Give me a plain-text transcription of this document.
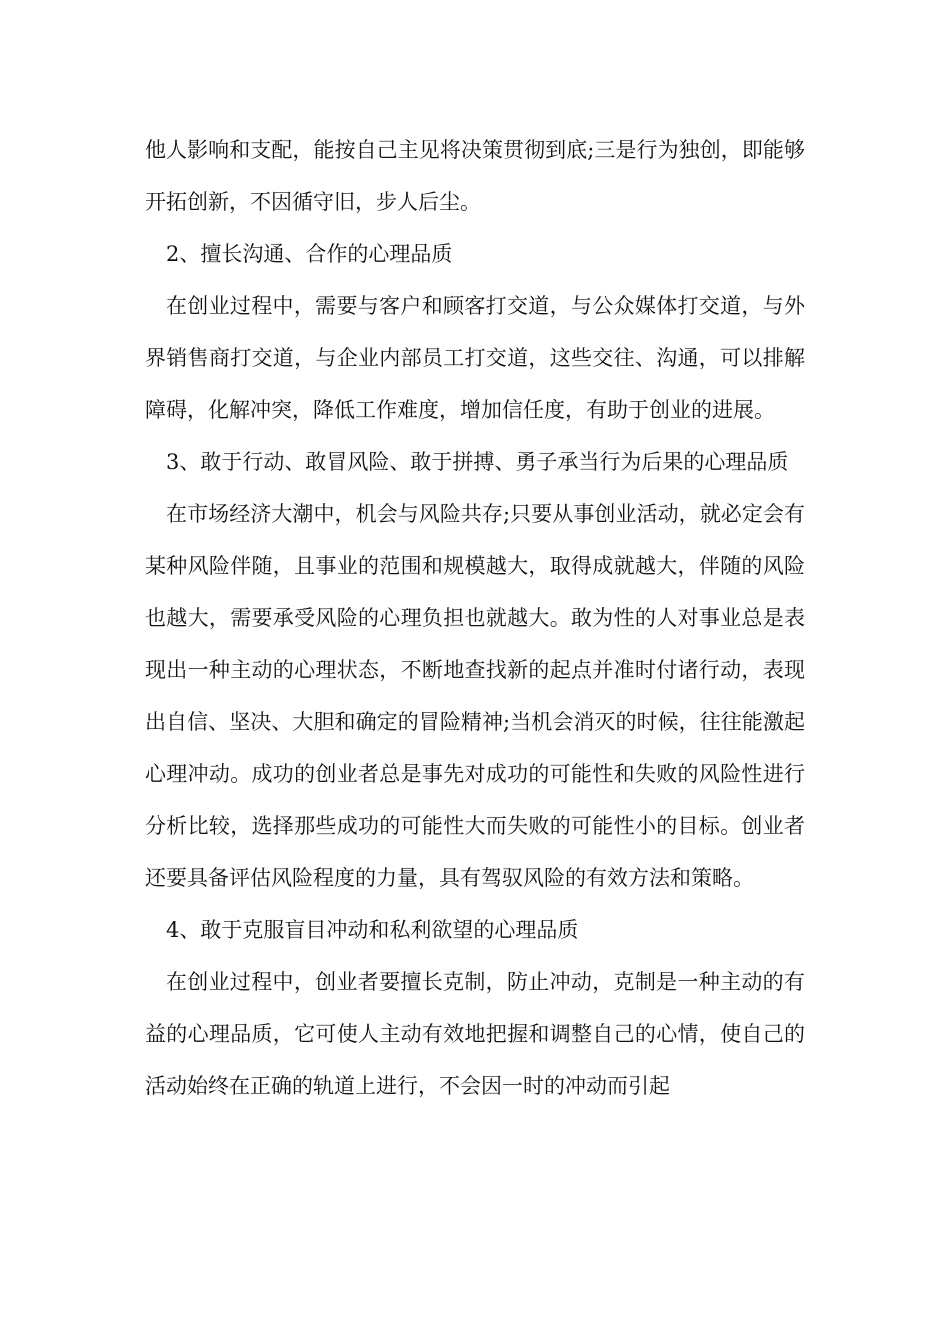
他人影响和支配，能按自己主见将决策贯彻到底;三是行为独创，即能够开拓创新，不因循守旧，步人后尘。

2、擅长沟通、合作的心理品质

在创业过程中，需要与客户和顾客打交道，与公众媒体打交道，与外界销售商打交道，与企业内部员工打交道，这些交往、沟通，可以排解障碍，化解冲突，降低工作难度，增加信任度，有助于创业的进展。

3、敢于行动、敢冒风险、敢于拼搏、勇子承当行为后果的心理品质

在市场经济大潮中，机会与风险共存;只要从事创业活动，就必定会有某种风险伴随，且事业的范围和规模越大，取得成就越大，伴随的风险也越大，需要承受风险的心理负担也就越大。敢为性的人对事业总是表现出一种主动的心理状态，不断地查找新的起点并准时付诸行动，表现出自信、坚决、大胆和确定的冒险精神;当机会消灭的时候，往往能激起心理冲动。成功的创业者总是事先对成功的可能性和失败的风险性进行分析比较，选择那些成功的可能性大而失败的可能性小的目标。创业者还要具备评估风险程度的力量，具有驾驭风险的有效方法和策略。

4、敢于克服盲目冲动和私利欲望的心理品质

在创业过程中，创业者要擅长克制，防止冲动，克制是一种主动的有益的心理品质，它可使人主动有效地把握和调整自己的心情，使自己的活动始终在正确的轨道上进行，不会因一时的冲动而引起
